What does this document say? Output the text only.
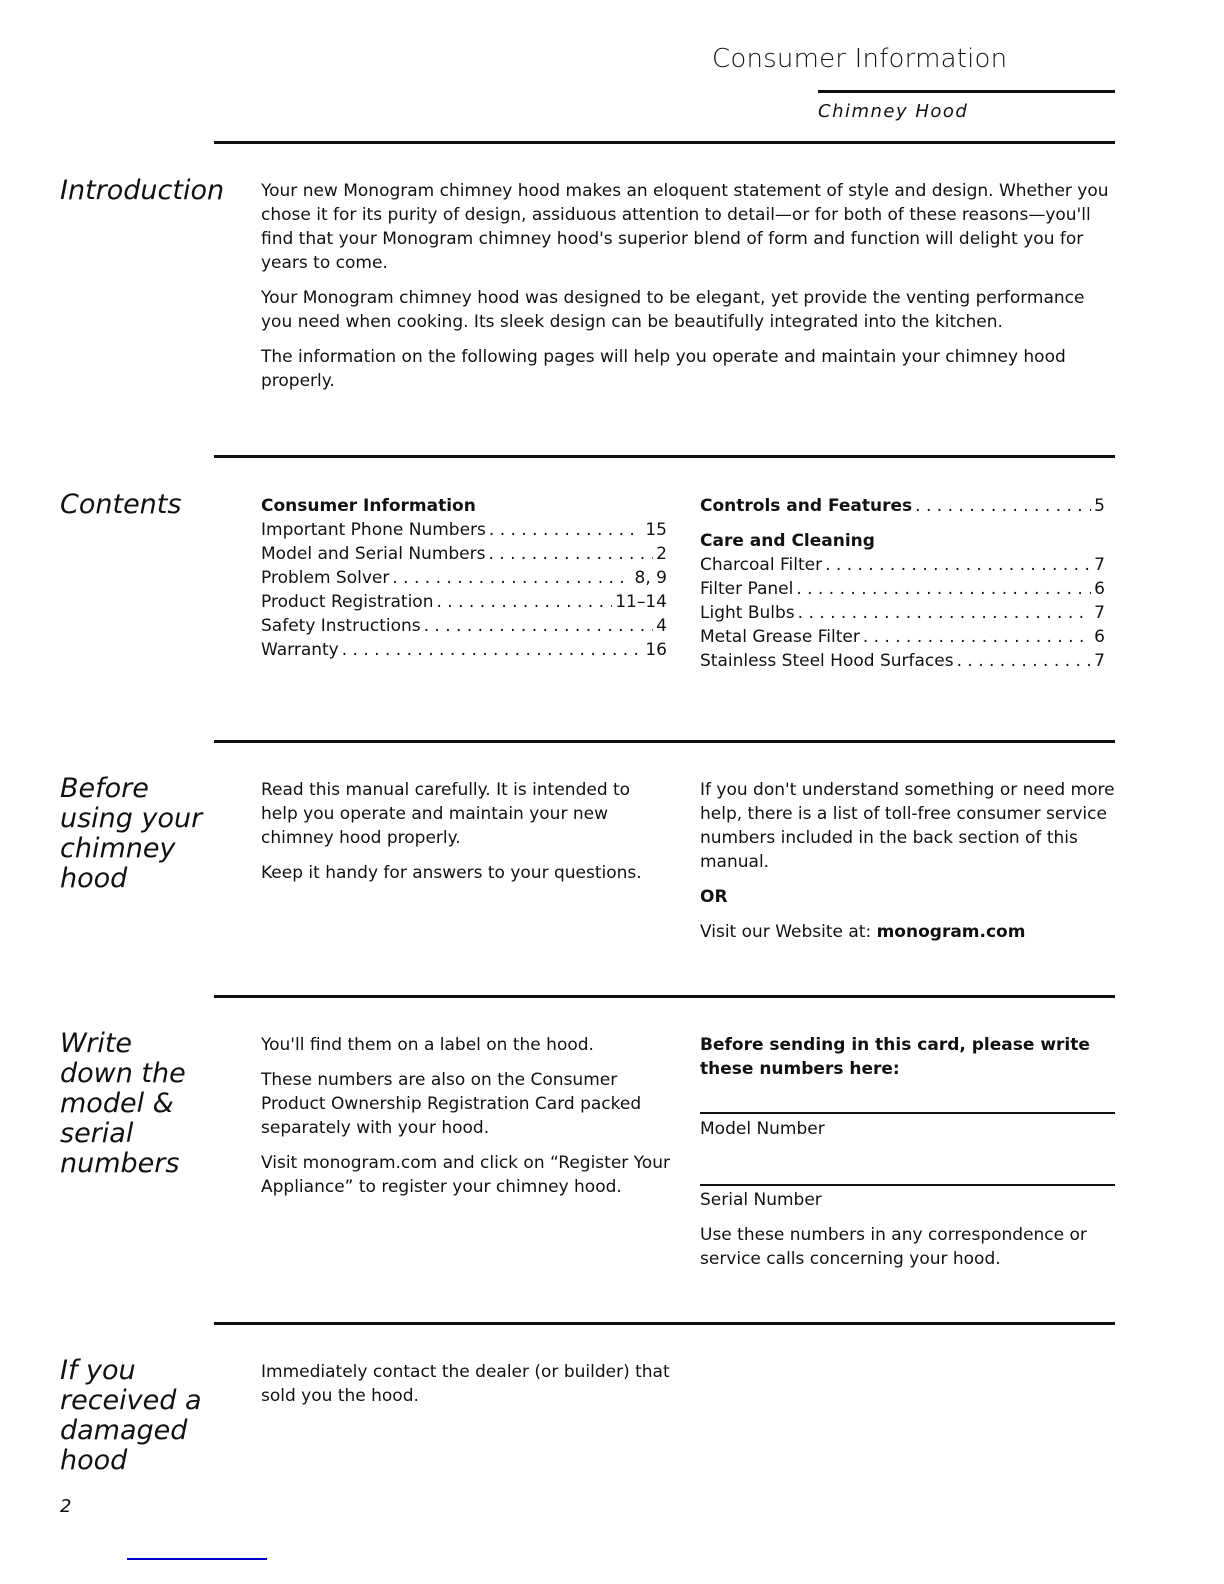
Consumer Information
Chimney Hood
Introduction Your new Monogram chimney hood makes an eloquent statement of style and design. Whether you chose it for its purity of design, assiduous attention to detail—or for both of these reasons—you'll find that your Monogram chimney hood's superior blend of form and function will delight you for years to come.

Your Monogram chimney hood was designed to be elegant, yet provide the venting performance you need when cooking. Its sleek design can be beautifully integrated into the kitchen.

The information on the following pages will help you operate and maintain your chimney hood properly.

Contents	Consumer Information
Important Phone Numbers . . .	15
Model and Serial Numbers . . .	2
Problem Solver . . .	8, 9
Product Registration . . .	11–14
Safety Instructions . . .	4
Warranty . . .	16
Controls and Features . . .	5
Care and Cleaning
Charcoal Filter . . .	7
Filter Panel . . .	6
Light Bulbs . . .	7
Metal Grease Filter . . .	6
Stainless Steel Hood Surfaces . . .	7
Before
using your
chimney
hood

Read this manual carefully. It is intended to help you operate and maintain your new chimney hood properly.

Keep it handy for answers to your questions.

If you don't understand something or need more help, there is a list of toll-free consumer service numbers included in the back section of this manual.

OR

Visit our Website at: monogram.com

Write
down the
model &
serial
numbers

You'll find them on a label on the hood.

These numbers are also on the Consumer Product Ownership Registration Card packed separately with your hood.

Visit monogram.com and click on “Register Your Appliance” to register your chimney hood.

Before sending in this card, please write these numbers here:
Model Number
Serial Number
Use these numbers in any correspondence or service calls concerning your hood.
If you
received a
damaged
hood
Immediately contact the dealer (or builder) that sold you the hood.
2
